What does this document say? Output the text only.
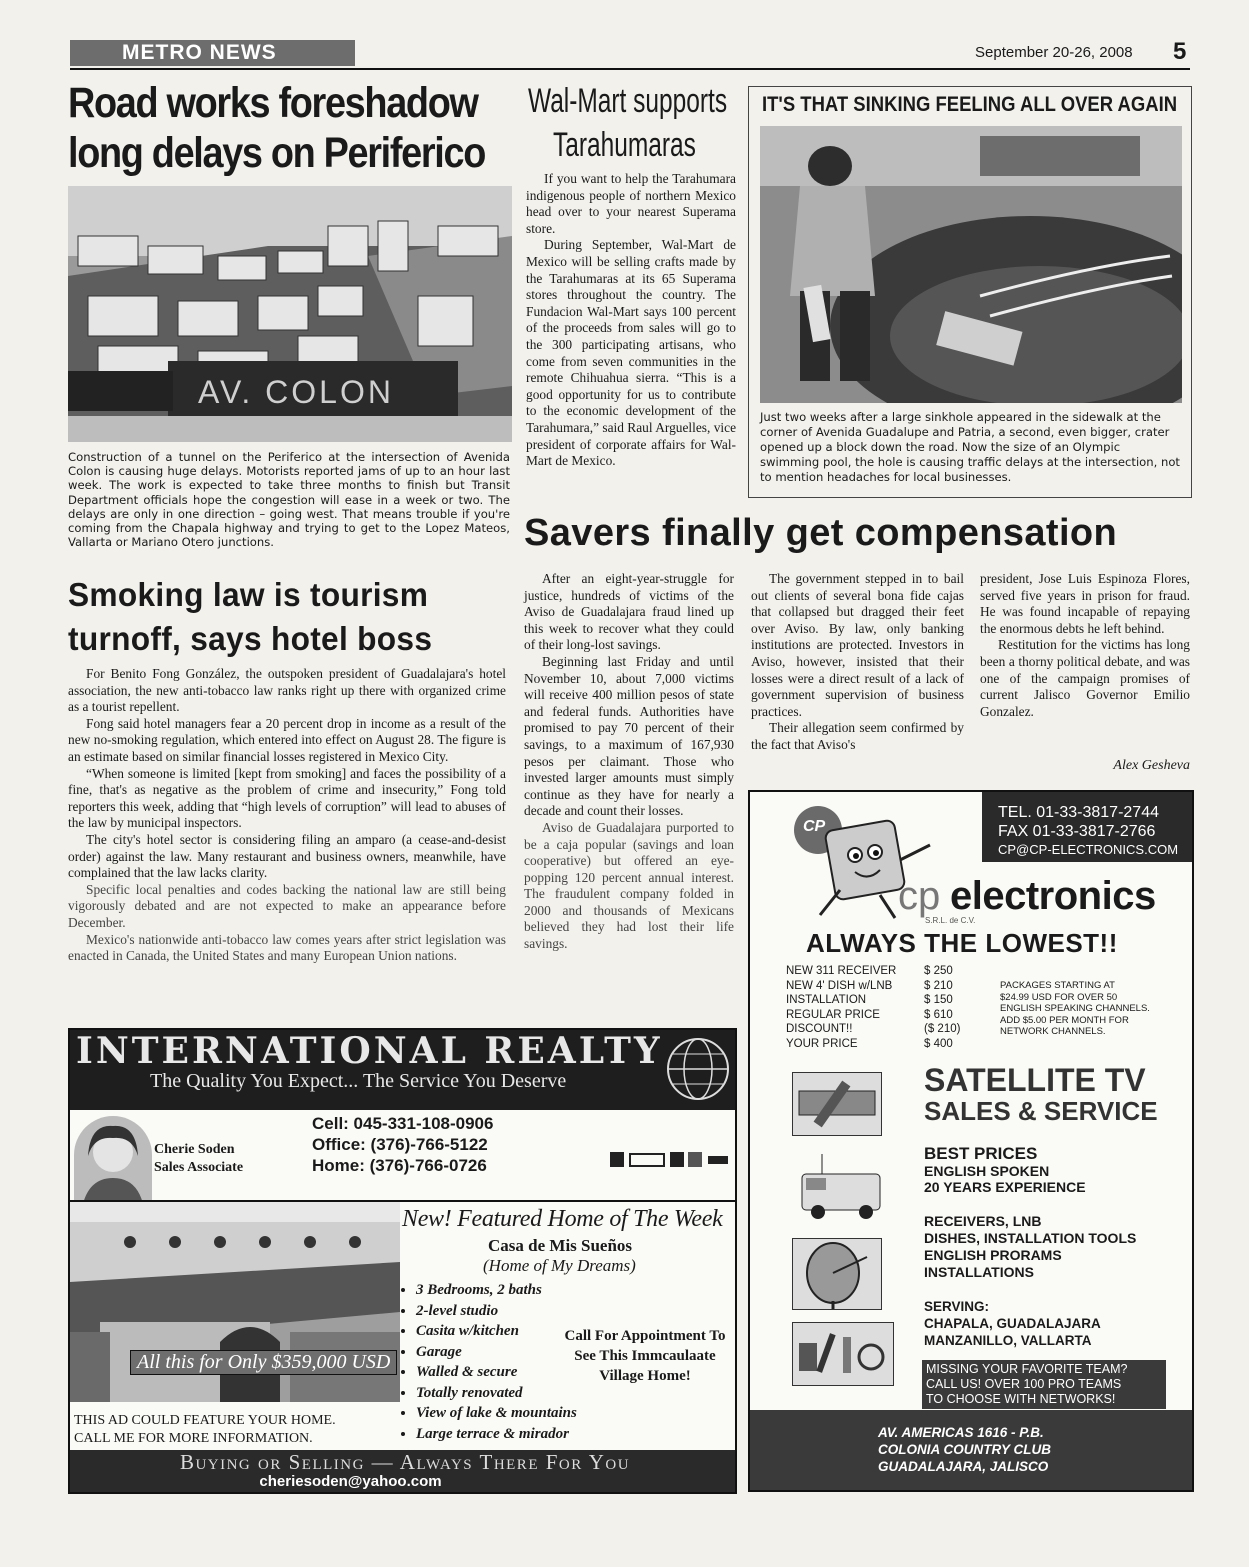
METRO NEWS	September 20-26, 2008 5
Road works foreshadow
long delays on Periferico
AV. COLON

Construction of a tunnel on the Periferico at the intersection of Avenida Colon is causing huge delays. Motorists reported jams of up to an hour last week. The work is expected to take three months to finish but Transit Department officials hope the congestion will ease in a week or two. The delays are only in one direction – going west. That means trouble if you're coming from the Chapala highway and trying to get to the Lopez Mateos, Vallarta or Mariano Otero junctions.

Wal-Mart supports
Tarahumaras

If you want to help the Tarahumara indigenous people of northern Mexico head over to your nearest Superama store.

During September, Wal-Mart de Mexico will be selling crafts made by the Tarahumaras at its 65 Superama stores throughout the country. The Fundacion Wal-Mart says 100 percent of the proceeds from sales will go to the 300 participating artisans, who come from seven communities in the remote Chihuahua sierra. “This is a good opportunity for us to contribute to the economic development of the Tarahumara,” said Raul Arguelles, vice president of corporate affairs for Wal-Mart de Mexico.

IT'S THAT SINKING FEELING ALL OVER AGAIN

Just two weeks after a large sinkhole appeared in the sidewalk at the corner of Avenida Guadalupe and Patria, a second, even bigger, crater opened up a block down the road. Now the size of an Olympic swimming pool, the hole is causing traffic delays at the intersection, not to mention headaches for local businesses.

Smoking law is tourism
turnoff, says hotel boss

For Benito Fong González, the outspoken president of Guadalajara's hotel association, the new anti-tobacco law ranks right up there with organized crime as a tourist repellent.

Fong said hotel managers fear a 20 percent drop in income as a result of the new no-smoking regulation, which entered into effect on August 28. The figure is an estimate based on similar financial losses registered in Mexico City.

“When someone is limited [kept from smoking] and faces the possibility of a fine, that's as negative as the problem of crime and insecurity,” Fong told reporters this week, adding that “high levels of corruption” will lead to abuses of the law by municipal inspectors.

The city's hotel sector is considering filing an amparo (a cease-and-desist order) against the law. Many restaurant and business owners, meanwhile, have complained that the law lacks clarity.

Specific local penalties and codes backing the national law are still being vigorously debated and are not expected to make an appearance before December.

Mexico's nationwide anti-tobacco law comes years after strict legislation was enacted in Canada, the United States and many European Union nations.

Savers finally get compensation

After an eight-year-struggle for justice, hundreds of victims of the Aviso de Guadalajara fraud lined up this week to recover what they could of their long-lost savings.

Beginning last Friday and until November 10, about 7,000 victims will receive 400 million pesos of state and federal funds. Authorities have promised to pay 70 percent of their savings, to a maximum of 167,930 pesos per claimant. Those who invested larger amounts must simply continue as they have for nearly a decade and count their losses.

Aviso de Guadalajara purported to be a caja popular (savings and loan cooperative) but offered an eye-popping 120 percent annual interest. The fraudulent company folded in 2000 and thousands of Mexicans believed they had lost their life savings.

The government stepped in to bail out clients of several bona fide cajas that collapsed but dragged their feet over Aviso. By law, only banking institutions are protected. Investors in Aviso, however, insisted that their losses were a direct result of a lack of government supervision of business practices.

Their allegation seem confirmed by the fact that Aviso's

president, Jose Luis Espinoza Flores, served five years in prison for fraud. He was found incapable of repaying the enormous debts he left behind.

Restitution for the victims has long been a thorny political debate, and was one of the campaign promises of current Jalisco Governor Emilio Gonzalez.

Alex Gesheva
INTERNATIONAL REALTY
The Quality You Expect... The Service You Deserve
Cherie Soden
Sales Associate
Cell: 045-331-108-0906
Office: (376)-766-5122
Home: (376)-766-0726
All this for Only $359,000 USD
THIS AD COULD FEATURE YOUR HOME.
CALL ME FOR MORE INFORMATION.
New! Featured Home of The Week
Casa de Mis Sueños
(Home of My Dreams)
• 3 Bedrooms, 2 baths
• 2-level studio
• Casita w/kitchen
• Garage
• Walled & secure
• Totally renovated
• View of lake & mountains
• Large terrace & mirador
Call For Appointment To See This Immcaulaate Village Home!
Buying or Selling — Always There For You
cheriesoden@yahoo.com
TEL. 01-33-3817-2744
FAX 01-33-3817-2766
CP@CP-ELECTRONICS.COM
CP
cp electronics
S.R.L. de C.V.
ALWAYS THE LOWEST!!
NEW 311 RECEIVER $ 250
NEW 4' DISH w/LNB	$ 210
INSTALLATION	$ 150
REGULAR PRICE	$ 610
DISCOUNT!!	($ 210)
YOUR PRICE	$ 400
PACKAGES STARTING AT
$24.99 USD FOR OVER 50
ENGLISH SPEAKING CHANNELS.
ADD $5.00 PER MONTH FOR
NETWORK CHANNELS.
SATELLITE TV
SALES & SERVICE
BEST PRICES
ENGLISH SPOKEN
20 YEARS EXPERIENCE
RECEIVERS, LNB
DISHES, INSTALLATION TOOLS
ENGLISH PRORAMS
INSTALLATIONS
SERVING:
CHAPALA, GUADALAJARA
MANZANILLO, VALLARTA
MISSING YOUR FAVORITE TEAM?
CALL US! OVER 100 PRO TEAMS
TO CHOOSE WITH NETWORKS!
AV. AMERICAS 1616 - P.B.
COLONIA COUNTRY CLUB
GUADALAJARA, JALISCO
